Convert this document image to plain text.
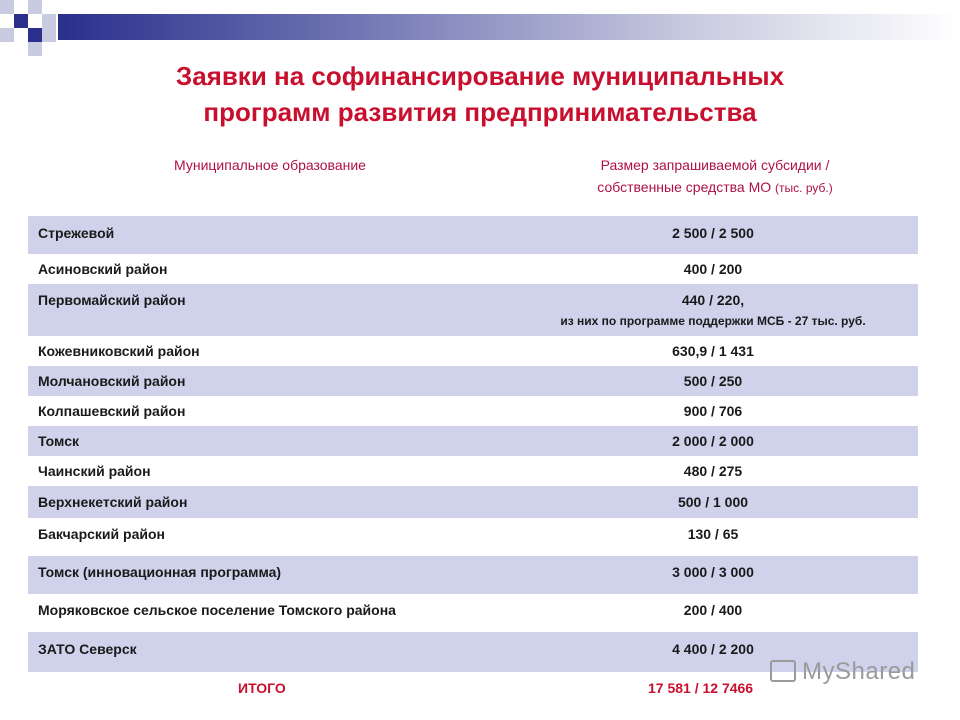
Заявки на софинансирование муниципальных
программ развития предпринимательства
Муниципальное образование	Размер запрашиваемой субсидии /
собственные средства МО (тыс. руб.)
Стрежевой	2 500 / 2 500
Асиновский район	400 / 200
Первомайский район	440 / 220,
из них по программе поддержки МСБ - 27 тыс. руб.
Кожевниковский район	630,9 / 1 431
Молчановский район	500 / 250
Колпашевский район	900 / 706
Томск	2 000 / 2 000
Чаинский район	480 / 275
Верхнекетский район	500 / 1 000
Бакчарский район	130 / 65
Томск (инновационная программа)	3 000 / 3 000
Моряковское сельское поселение Томского района	200 / 400
ЗАТО Северск	4 400 / 2 200
ИТОГО	17 581 / 12 7466
MyShared
